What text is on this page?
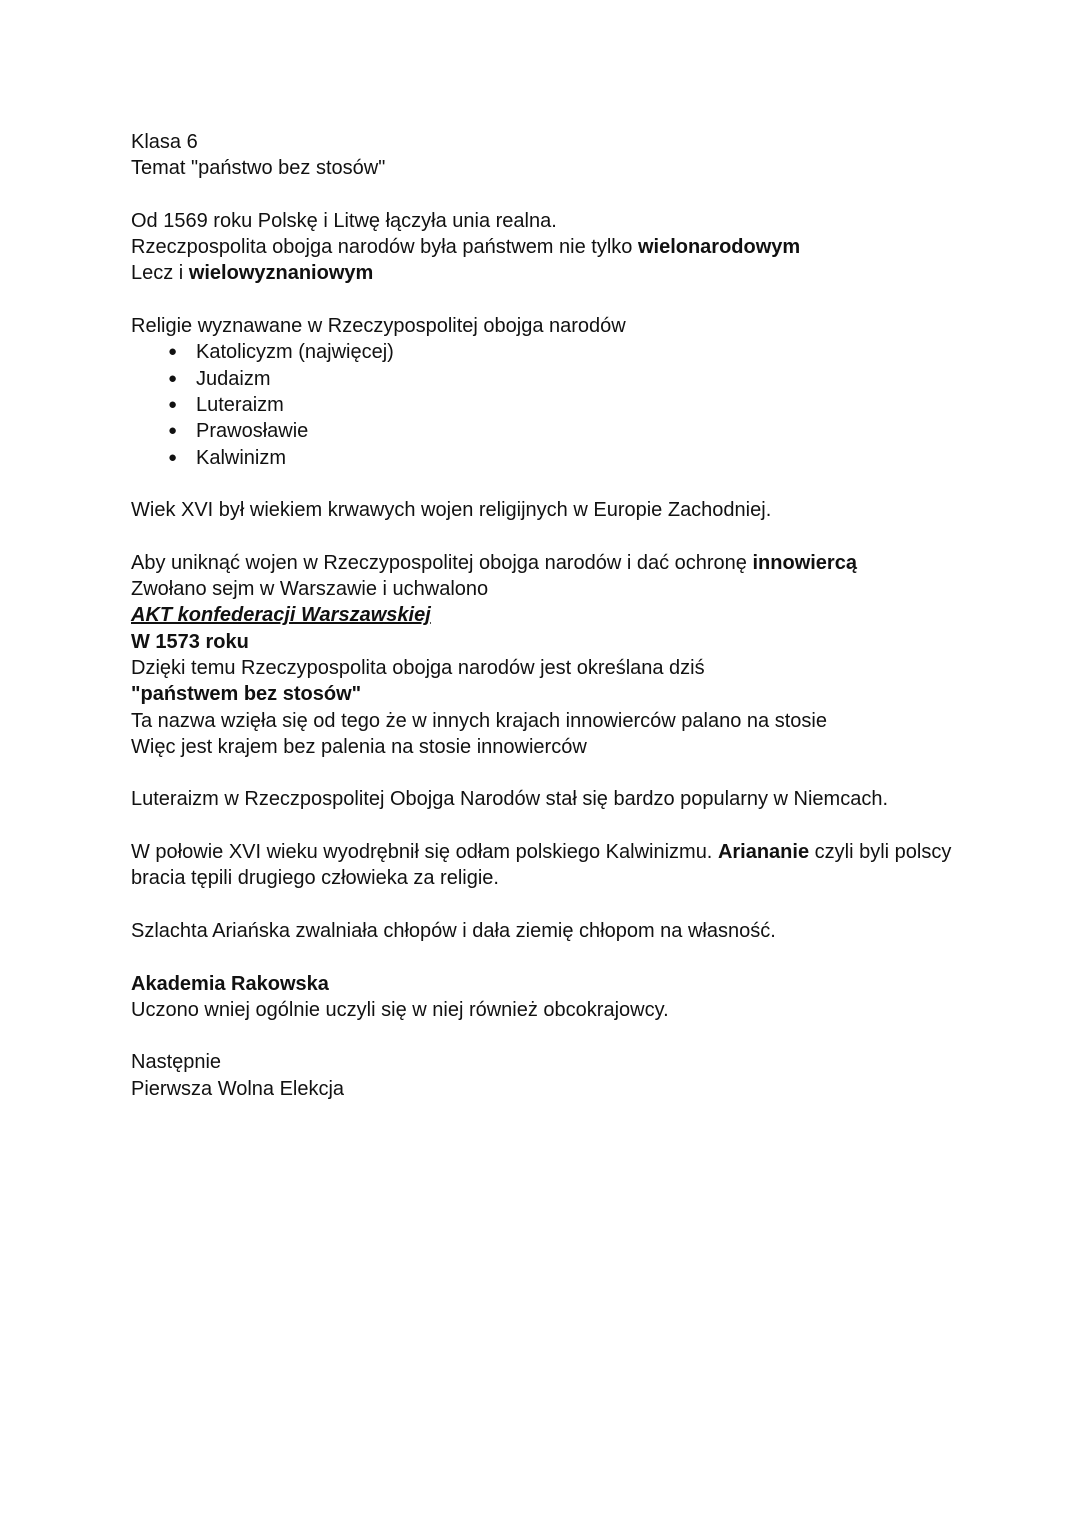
Klasa 6
Temat "państwo bez stosów"
Od 1569 roku Polskę i Litwę łączyła unia realna.
Rzeczpospolita obojga narodów była państwem nie tylko wielonarodowym
Lecz i wielowyznaniowym
Religie wyznawane w Rzeczypospolitej obojga narodów
● Katolicyzm (najwięcej)
● Judaizm
● Luteraizm
● Prawosławie
● Kalwinizm
Wiek XVI był wiekiem krwawych wojen religijnych w Europie Zachodniej.
Aby uniknąć wojen w Rzeczypospolitej obojga narodów i dać ochronę innowiercą
Zwołano sejm w Warszawie i uchwalono
AKT konfederacji Warszawskiej
W 1573 roku
Dzięki temu Rzeczypospolita obojga narodów jest określana dziś
"państwem bez stosów"
Ta nazwa wzięła się od tego że w innych krajach innowierców palano na stosie
Więc jest krajem bez palenia na stosie innowierców
Luteraizm w Rzeczpospolitej Obojga Narodów stał się bardzo popularny w Niemcach.
W połowie XVI wieku wyodrębnił się odłam polskiego Kalwinizmu. Ariananie czyli byli polscy bracia tępili drugiego człowieka za religie.
Szlachta Ariańska zwalniała chłopów i dała ziemię chłopom na własność.
Akademia Rakowska
Uczono wniej ogólnie uczyli się w niej również obcokrajowcy.
Następnie
Pierwsza Wolna Elekcja
